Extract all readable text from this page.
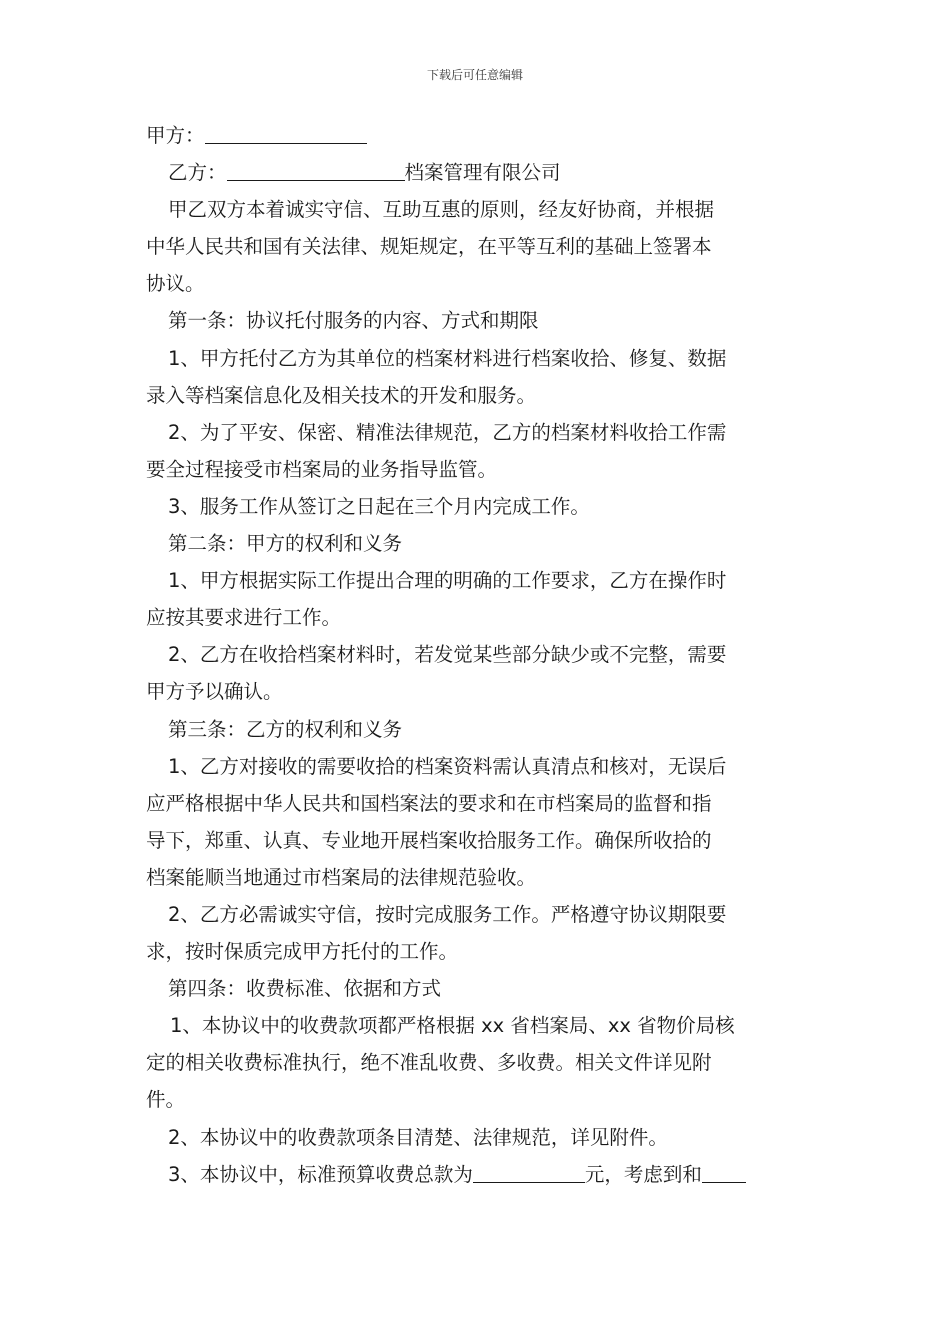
下载后可任意编辑

甲方：

乙方：	档案管理有限公司

甲乙双方本着诚实守信、互助互惠的原则，经友好协商，并根据

中华人民共和国有关法律、规矩规定，在平等互利的基础上签署本

协议。

第一条：协议托付服务的内容、方式和期限

1、甲方托付乙方为其单位的档案材料进行档案收拾、修复、数据

录入等档案信息化及相关技术的开发和服务。

2、为了平安、保密、精准法律规范，乙方的档案材料收拾工作需

要全过程接受市档案局的业务指导监管。

3、服务工作从签订之日起在三个月内完成工作。

第二条：甲方的权利和义务

1、甲方根据实际工作提出合理的明确的工作要求，乙方在操作时

应按其要求进行工作。

2、乙方在收拾档案材料时，若发觉某些部分缺少或不完整，需要

甲方予以确认。

第三条：乙方的权利和义务

1、乙方对接收的需要收拾的档案资料需认真清点和核对，无误后

应严格根据中华人民共和国档案法的要求和在市档案局的监督和指

导下，郑重、认真、专业地开展档案收拾服务工作。确保所收拾的

档案能顺当地通过市档案局的法律规范验收。

2、乙方必需诚实守信，按时完成服务工作。严格遵守协议期限要

求，按时保质完成甲方托付的工作。

第四条：收费标准、依据和方式

1、本协议中的收费款项都严格根据 xx 省档案局、xx 省物价局核

定的相关收费标准执行，绝不准乱收费、多收费。相关文件详见附

件。

2、本协议中的收费款项条目清楚、法律规范，详见附件。

3、本协议中，标准预算收费总款为	元，考虑到和
